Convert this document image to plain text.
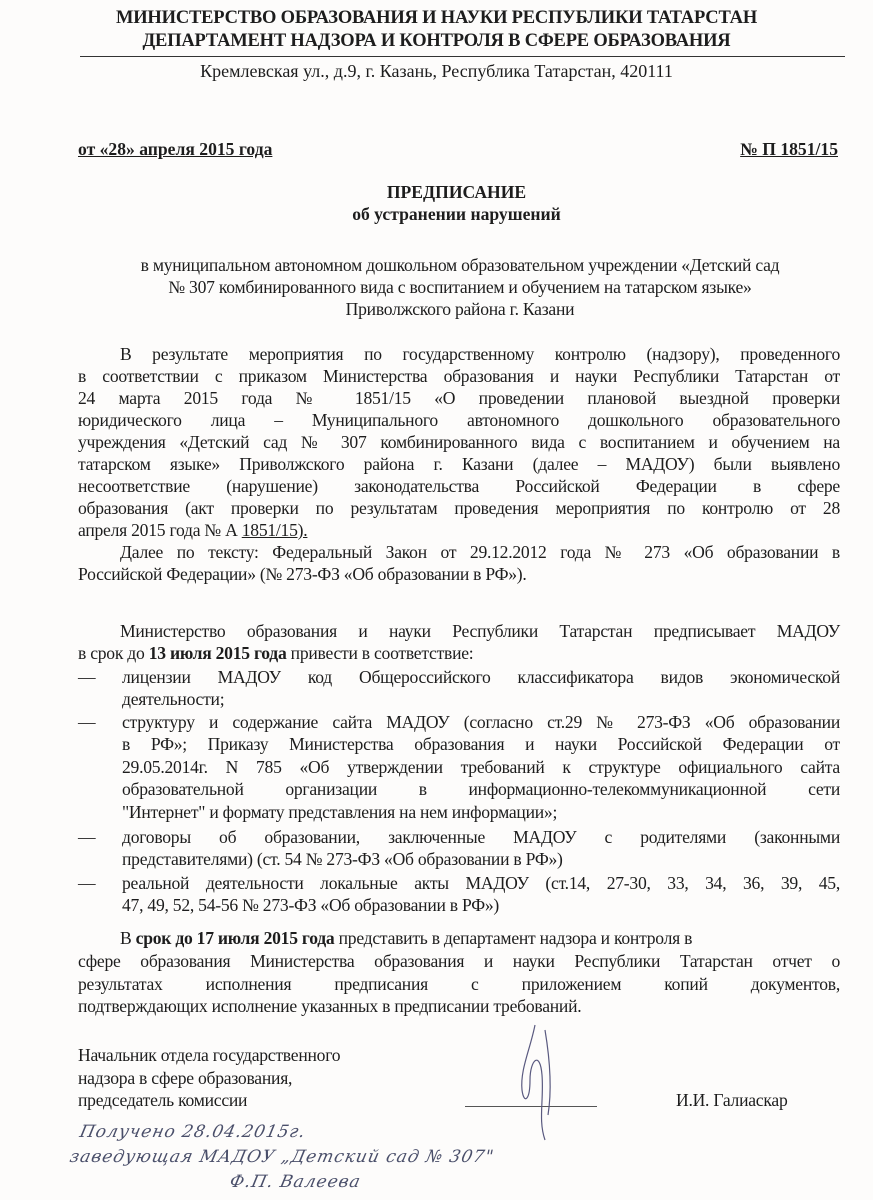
МИНИСТЕРСТВО ОБРАЗОВАНИЯ И НАУКИ РЕСПУБЛИКИ ТАТАРСТАН
ДЕПАРТАМЕНТ НАДЗОРА И КОНТРОЛЯ В СФЕРЕ ОБРАЗОВАНИЯ
Кремлевская ул., д.9, г. Казань, Республика Татарстан, 420111
от «28» апреля 2015 года	№ П 1851/15
ПРЕДПИСАНИЕ
об устранении нарушений
в муниципальном автономном дошкольном образовательном учреждении «Детский сад
№ 307 комбинированного вида с воспитанием и обучением на татарском языке»
Приволжского района г. Казани
В результате мероприятия по государственному контролю (надзору), проведенного
в соответствии с приказом Министерства образования и науки Республики Татарстан от
24 марта 2015 года № 1851/15 «О проведении плановой выездной проверки
юридического лица – Муниципального автономного дошкольного образовательного
учреждения «Детский сад № 307 комбинированного вида с воспитанием и обучением на
татарском языке» Приволжского района г. Казани (далее – МАДОУ) были выявлено
несоответствие (нарушение) законодательства Российской Федерации в сфере
образования (акт проверки по результатам проведения мероприятия по контролю от 28
апреля 2015 года № А 1851/15).
Далее по тексту: Федеральный Закон от 29.12.2012 года № 273 «Об образовании в
Российской Федерации» (№ 273-ФЗ «Об образовании в РФ»).
Министерство образования и науки Республики Татарстан предписывает МАДОУ
в срок до 13 июля 2015 года привести в соответствие:
—	лицензии МАДОУ код Общероссийского классификатора видов экономической
деятельности;
—	структуру и содержание сайта МАДОУ (согласно ст.29 № 273-ФЗ «Об образовании
в РФ»; Приказу Министерства образования и науки Российской Федерации от
29.05.2014г. N 785 «Об утверждении требований к структуре официального сайта
образовательной организации в информационно-телекоммуникационной сети
"Интернет" и формату представления на нем информации»;
—	договоры об образовании, заключенные МАДОУ с родителями (законными
представителями) (ст. 54 № 273-ФЗ «Об образовании в РФ»)
—	реальной деятельности локальные акты МАДОУ (ст.14, 27-30, 33, 34, 36, 39, 45,
47, 49, 52, 54-56 № 273-ФЗ «Об образовании в РФ»)
В срок до 17 июля 2015 года представить в департамент надзора и контроля в
сфере образования Министерства образования и науки Республики Татарстан отчет о
результатах исполнения предписания с приложением копий документов,
подтверждающих исполнение указанных в предписании требований.
Начальник отдела государственного
надзора в сфере образования,
председатель комиссии	И.И. Галиаскар
Получено 28.04.2015г.
заведующая МАДОУ „Детский сад № 307"
Ф.П. Валеева
